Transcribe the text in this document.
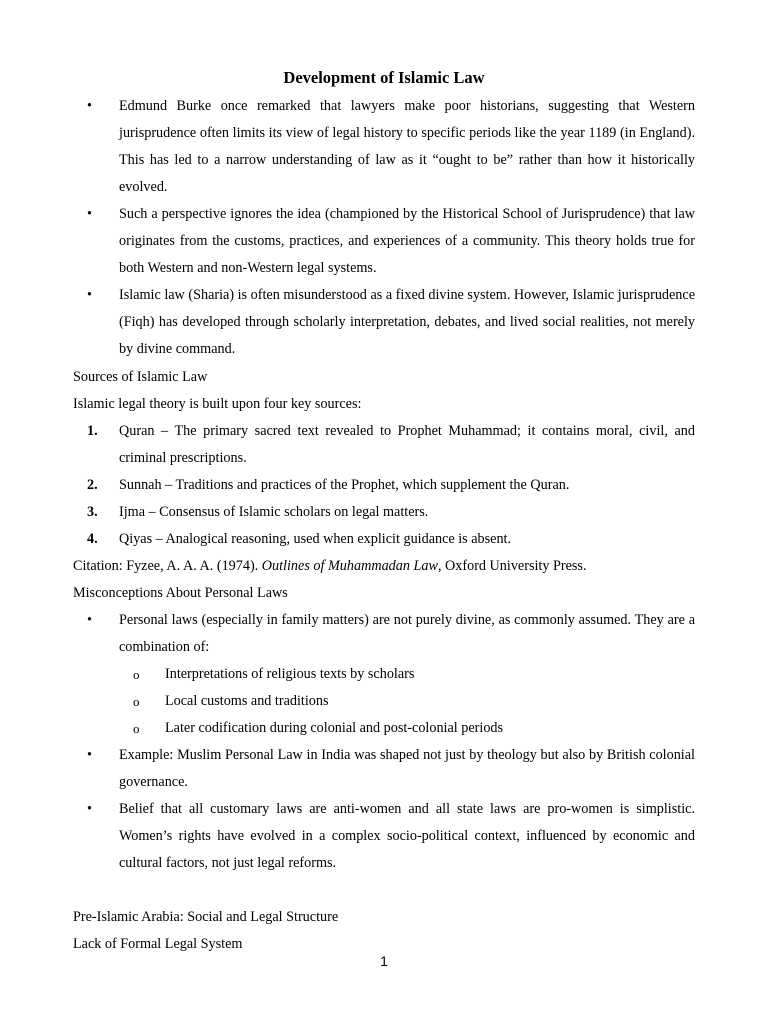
Development of Islamic Law
• Edmund Burke once remarked that lawyers make poor historians, suggesting that Western jurisprudence often limits its view of legal history to specific periods like the year 1189 (in England). This has led to a narrow understanding of law as it “ought to be” rather than how it historically evolved.
• Such a perspective ignores the idea (championed by the Historical School of Jurisprudence) that law originates from the customs, practices, and experiences of a community. This theory holds true for both Western and non-Western legal systems.
• Islamic law (Sharia) is often misunderstood as a fixed divine system. However, Islamic jurisprudence (Fiqh) has developed through scholarly interpretation, debates, and lived social realities, not merely by divine command.
Sources of Islamic Law
Islamic legal theory is built upon four key sources:
1. Quran – The primary sacred text revealed to Prophet Muhammad; it contains moral, civil, and criminal prescriptions.
2. Sunnah – Traditions and practices of the Prophet, which supplement the Quran.
3. Ijma – Consensus of Islamic scholars on legal matters.
4. Qiyas – Analogical reasoning, used when explicit guidance is absent.
Citation: Fyzee, A. A. A. (1974). Outlines of Muhammadan Law, Oxford University Press.
Misconceptions About Personal Laws
• Personal laws (especially in family matters) are not purely divine, as commonly assumed. They are a combination of:
o Interpretations of religious texts by scholars
o Local customs and traditions
o Later codification during colonial and post-colonial periods
• Example: Muslim Personal Law in India was shaped not just by theology but also by British colonial governance.
• Belief that all customary laws are anti-women and all state laws are pro-women is simplistic. Women’s rights have evolved in a complex socio-political context, influenced by economic and cultural factors, not just legal reforms.
Pre-Islamic Arabia: Social and Legal Structure
Lack of Formal Legal System
1
